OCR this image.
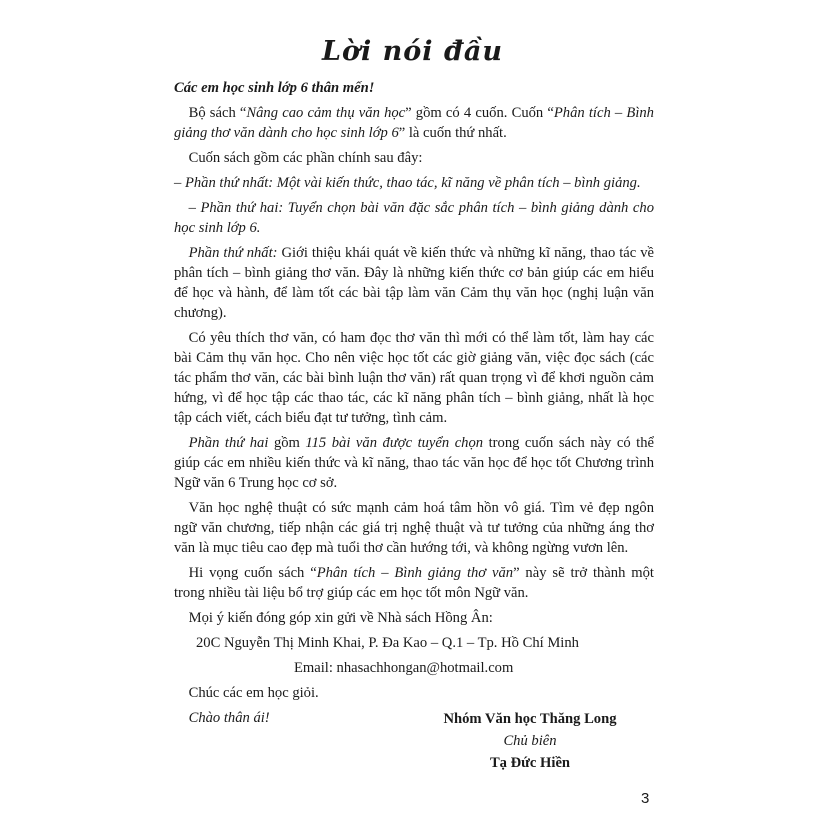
Lời nói đầu

Các em học sinh lớp 6 thân mến!

 Bộ sách “Nâng cao cảm thụ văn học” gồm có 4 cuốn. Cuốn “Phân tích – Bình giảng thơ văn dành cho học sinh lớp 6” là cuốn thứ nhất.

 Cuốn sách gồm các phần chính sau đây:

– Phần thứ nhất: Một vài kiến thức, thao tác, kĩ năng về phân tích – bình giảng.

 – Phần thứ hai: Tuyển chọn bài văn đặc sắc phân tích – bình giảng dành cho học sinh lớp 6.

 Phần thứ nhất: Giới thiệu khái quát về kiến thức và những kĩ năng, thao tác về phân tích – bình giảng thơ văn. Đây là những kiến thức cơ bản giúp các em hiểu để học và hành, để làm tốt các bài tập làm văn Cảm thụ văn học (nghị luận văn chương).

 Có yêu thích thơ văn, có ham đọc thơ văn thì mới có thể làm tốt, làm hay các bài Cảm thụ văn học. Cho nên việc học tốt các giờ giảng văn, việc đọc sách (các tác phẩm thơ văn, các bài bình luận thơ văn) rất quan trọng vì để khơi nguồn cảm hứng, vì để học tập các thao tác, các kĩ năng phân tích – bình giảng, nhất là học tập cách viết, cách biểu đạt tư tưởng, tình cảm.

 Phần thứ hai gồm 115 bài văn được tuyển chọn trong cuốn sách này có thể giúp các em nhiều kiến thức và kĩ năng, thao tác văn học để học tốt Chương trình Ngữ văn 6 Trung học cơ sở.

 Văn học nghệ thuật có sức mạnh cảm hoá tâm hồn vô giá. Tìm vẻ đẹp ngôn ngữ văn chương, tiếp nhận các giá trị nghệ thuật và tư tưởng của những áng thơ văn là mục tiêu cao đẹp mà tuổi thơ cần hướng tới, và không ngừng vươn lên.

 Hi vọng cuốn sách “Phân tích – Bình giảng thơ văn” này sẽ trở thành một trong nhiều tài liệu bổ trợ giúp các em học tốt môn Ngữ văn.

 Mọi ý kiến đóng góp xin gửi về Nhà sách Hồng Ân:

20C Nguyễn Thị Minh Khai, P. Đa Kao – Q.1 – Tp. Hồ Chí Minh

Email: nhasachhongan@hotmail.com

 Chúc các em học giỏi.

 Chào thân ái!	Nhóm Văn học Thăng Long
Chủ biên
Tạ Đức Hiền
3
